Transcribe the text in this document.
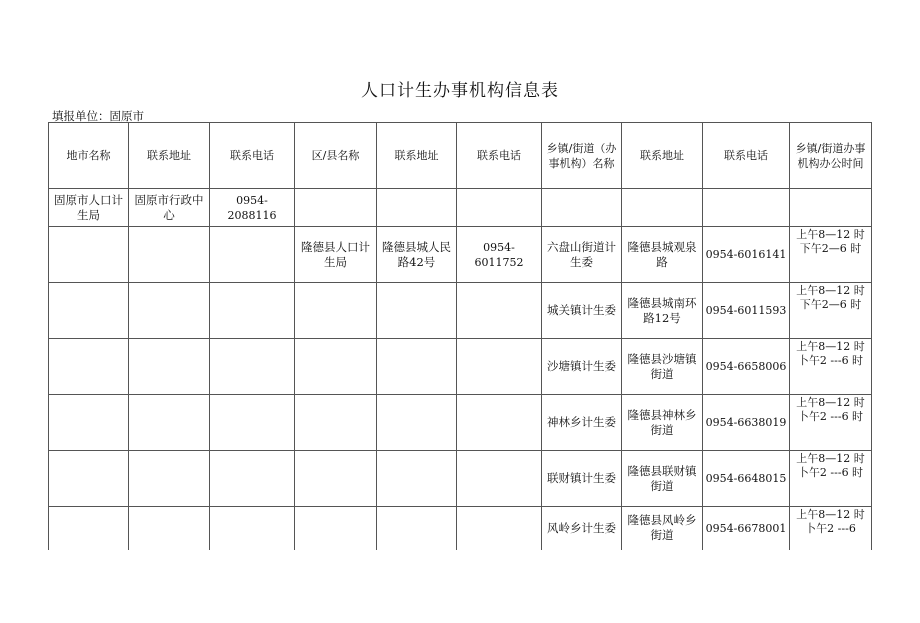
人口计生办事机构信息表
填报单位：固原市
地市名称	联系地址	联系电话	区/县名称	联系地址	联系电话	乡镇/街道（办事机构）名称	联系地址	联系电话	乡镇/街道办事机构办公时间
固原市人口计生局	固原市行政中心	0954-2088116							
			隆德县人口计生局	隆德县城人民路42号	0954-6011752	六盘山街道计生委	隆德县城观泉路	0954-6016141	上午8—12 时下午2—6 时
						城关镇计生委	隆德县城南环路12号	0954-6011593	上午8—12 时下午2—6 时
						沙塘镇计生委	隆德县沙塘镇街道	0954-6658006	上午8—12 时卜午2 ---6 时
						神林乡计生委	隆德县神林乡街道	0954-6638019	上午8—12 时卜午2 ---6 时
						联财镇计生委	隆德县联财镇街道	0954-6648015	上午8—12 时卜午2 ---6 时
						风岭乡计生委	隆德县风岭乡街道	0954-6678001	上午8—12 时卜午2 ---6
